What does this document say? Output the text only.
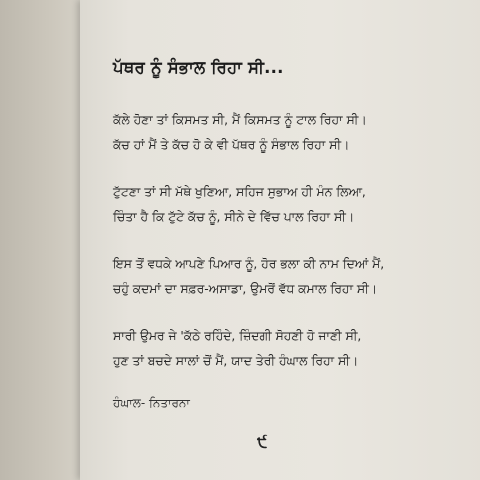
ਪੱਥਰ ਨੂੰ ਸੰਭਾਲ ਰਿਹਾ ਸੀ...
ਕੱਲੇ ਹੋਣਾ ਤਾਂ ਕਿਸਮਤ ਸੀ, ਮੈਂ ਕਿਸਮਤ ਨੂੰ ਟਾਲ ਰਿਹਾ ਸੀ।
ਕੱਚ ਹਾਂ ਮੈਂ ਤੇ ਕੱਚ ਹੋ ਕੇ ਵੀ ਪੱਥਰ ਨੂੰ ਸੰਭਾਲ ਰਿਹਾ ਸੀ।
ਟੁੱਟਣਾ ਤਾਂ ਸੀ ਮੱਥੇ ਖੁਣਿਆ, ਸਹਿਜ ਸੁਭਾਅ ਹੀ ਮੰਨ ਲਿਆ,
ਚਿੰਤਾ ਹੈ ਕਿ ਟੁੱਟੇ ਕੱਚ ਨੂੰ, ਸੀਨੇ ਦੇ ਵਿੱਚ ਪਾਲ ਰਿਹਾ ਸੀ।
ਇਸ ਤੋਂ ਵਧਕੇ ਆਪਣੇ ਪਿਆਰ ਨੂੰ, ਹੋਰ ਭਲਾ ਕੀ ਨਾਮ ਦਿਆਂ ਮੈਂ,
ਚਹੁੰ ਕਦਮਾਂ ਦਾ ਸਫ਼ਰ-ਅਸਾਡਾ, ਉਮਰੋਂ ਵੱਧ ਕਮਾਲ ਰਿਹਾ ਸੀ।
ਸਾਰੀ ਉਮਰ ਜੇ 'ਕੱਠੇ ਰਹਿੰਦੇ, ਜ਼ਿੰਦਗੀ ਸੋਹਣੀ ਹੋ ਜਾਣੀ ਸੀ,
ਹੁਣ ਤਾਂ ਬਚਦੇ ਸਾਲਾਂ ਚੋਂ ਮੈਂ, ਯਾਦ ਤੇਰੀ ਹੰਘਾਲ ਰਿਹਾ ਸੀ।
ਹੰਘਾਲ- ਨਿਤਾਰਨਾ
੯
